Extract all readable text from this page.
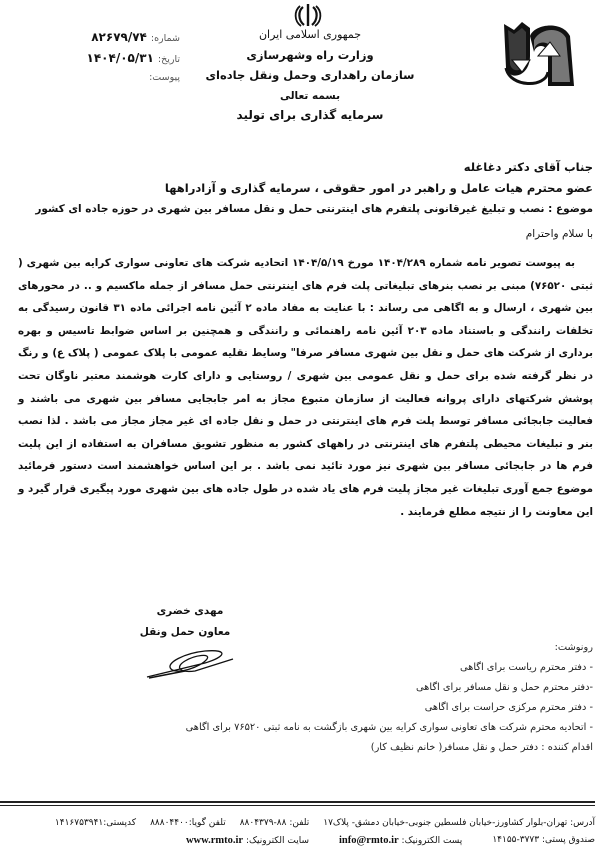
جمهوری اسلامی ایران
وزارت راه وشهرسازی
سازمان راهداری وحمل ونقل جاده‌ای
بسمه تعالی
سرمایه گذاری برای تولید
شماره:
۸۲۶۷۹/۷۴
تاریخ:
۱۴۰۴/۰۵/۳۱
پیوست:
جناب آقای دکتر دغاغله
عضو محترم هیات عامل و راهبر در امور حقوقی ، سرمایه گذاری و آزادراهها
موضوع : نصب و تبلیغ غیرقانونی پلتفرم های اینترنتی حمل و نقل مسافر بین شهری در حوزه جاده ای کشور
با سلام واحترام
به پیوست تصویر نامه شماره ۱۴۰۴/۲۸۹ مورخ ۱۴۰۴/۵/۱۹ اتحادیه شرکت های تعاونی سواری کرایه بین شهری ( ثبتی ۷۶۵۲۰) مبنی بر نصب بنرهای تبلیغاتی پلت فرم های اینترنتی حمل مسافر از جمله ماکسیم و .. در محورهای بین شهری ، ارسال و به اگاهی می رساند : با عنایت به مفاد ماده ۲ آئین نامه اجرائی ماده ۳۱ قانون رسیدگی به تخلفات رانندگی و باستناد ماده ۲۰۳ آئین نامه راهنمائی و رانندگی و همچنین بر اساس ضوابط تاسیس و بهره برداری از شرکت های حمل و نقل بین شهری مسافر صرفا" وسایط نقلیه عمومی با پلاک عمومی ( پلاک ع) و رنگ در نظر گرفته شده برای حمل و نقل عمومی بین شهری / روستایی و دارای کارت هوشمند معتبر ناوگان تحت پوشش شرکتهای دارای پروانه فعالیت از سازمان متبوع مجاز به امر جابجایی مسافر بین شهری می باشند و فعالیت جابجائی مسافر توسط پلت فرم های اینترنتی در حمل و نقل جاده ای غیر مجاز مجاز می باشد . لذا نصب بنر و تبلیغات محیطی پلتفرم های اینترنتی در راههای کشور به منظور تشویق مسافران به استفاده از این پلیت فرم ها در جابجائی مسافر بین شهری نیز مورد تائید نمی باشد . بر این اساس خواهشمند است دستور فرمائید موضوع جمع آوری تبلیغات غیر مجاز پلیت فرم های یاد شده در طول جاده های بین شهری مورد پیگیری قرار گیرد و این معاونت را از نتیجه مطلع فرمایند .
مهدی خضری
معاون حمل ونقل
رونوشت:
- دفتر محترم ریاست برای اگاهی
-دفتر محترم حمل و نقل مسافر برای اگاهی
- دفتر محترم مرکزی حراست برای اگاهی
- اتحادیه محترم شرکت های تعاونی سواری کرایه بین شهری بازگشت به نامه ثبتی ۷۶۵۲۰ برای اگاهی
اقدام کننده : دفتر حمل و نقل مسافر( خانم نظیف کار)
آدرس: تهران-بلوار کشاورز-خیابان فلسطین جنوبی-خیابان دمشق- پلاک۱۷
تلفن: ۸۸-۸۸۰۴۳۷۹
تلفن گویا:۸۸۸۰۴۴۰۰
کدپستی:۱۴۱۶۷۵۳۹۴۱
صندوق پستی: ۳۷۷۳-۱۴۱۵۵
پست الکترونیک: info@rmto.ir
سایت الکترونیک: www.rmto.ir
